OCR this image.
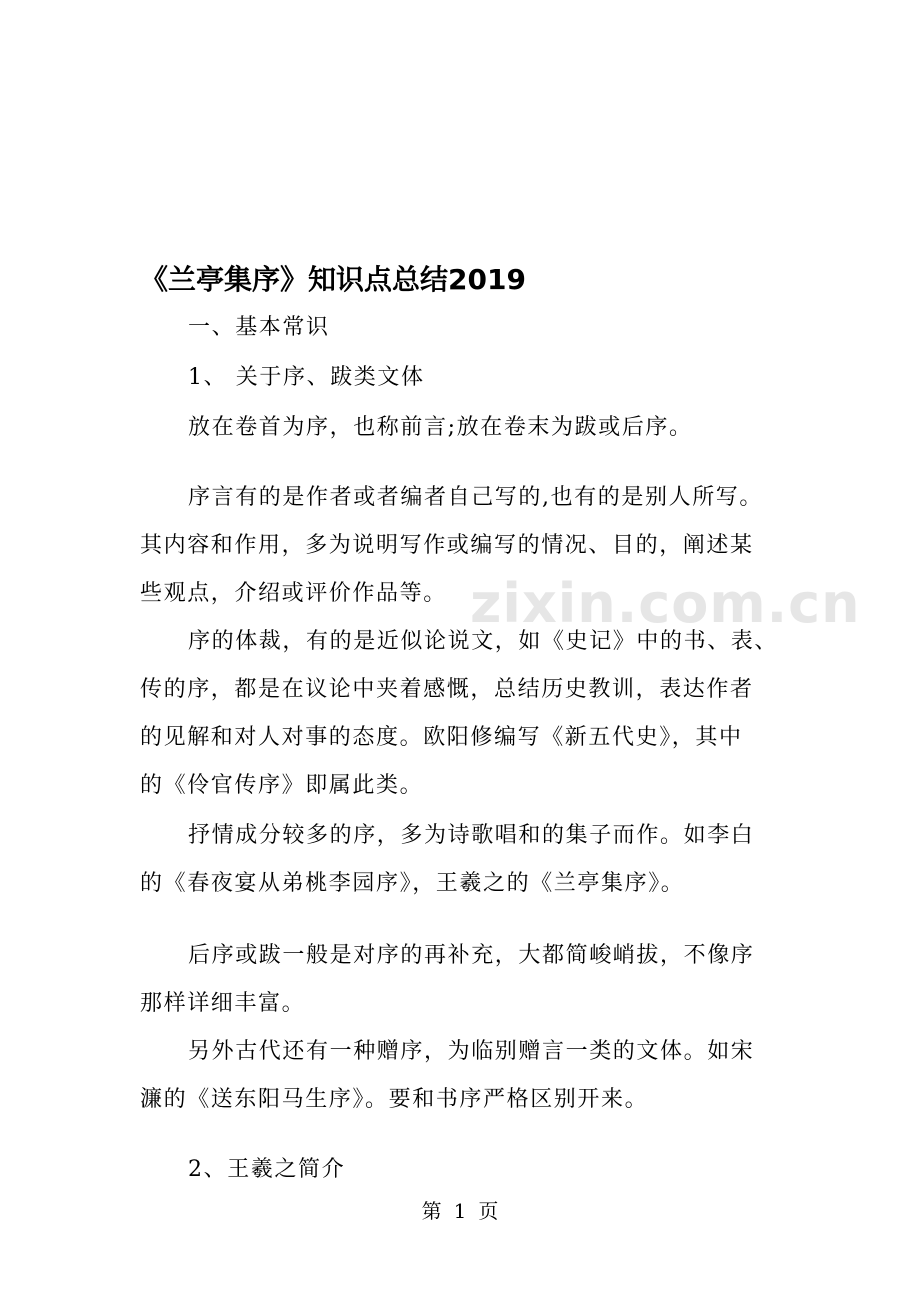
zixin.com.cn
《兰亭集序》知识点总结2019
一、基本常识
1、 关于序、跋类文体
放在卷首为序，也称前言;放在卷末为跋或后序。
序言有的是作者或者编者自己写的,也有的是别人所写。
其内容和作用，多为说明写作或编写的情况、目的，阐述某
些观点，介绍或评价作品等。
序的体裁，有的是近似论说文，如《史记》中的书、表、
传的序，都是在议论中夹着感慨，总结历史教训，表达作者
的见解和对人对事的态度。欧阳修编写《新五代史》，其中
的《伶官传序》即属此类。
抒情成分较多的序，多为诗歌唱和的集子而作。如李白
的《春夜宴从弟桃李园序》，王羲之的《兰亭集序》。
后序或跋一般是对序的再补充，大都简峻峭拔，不像序
那样详细丰富。
另外古代还有一种赠序，为临别赠言一类的文体。如宋
濂的《送东阳马生序》。要和书序严格区别开来。
2、王羲之简介
第 1 页
